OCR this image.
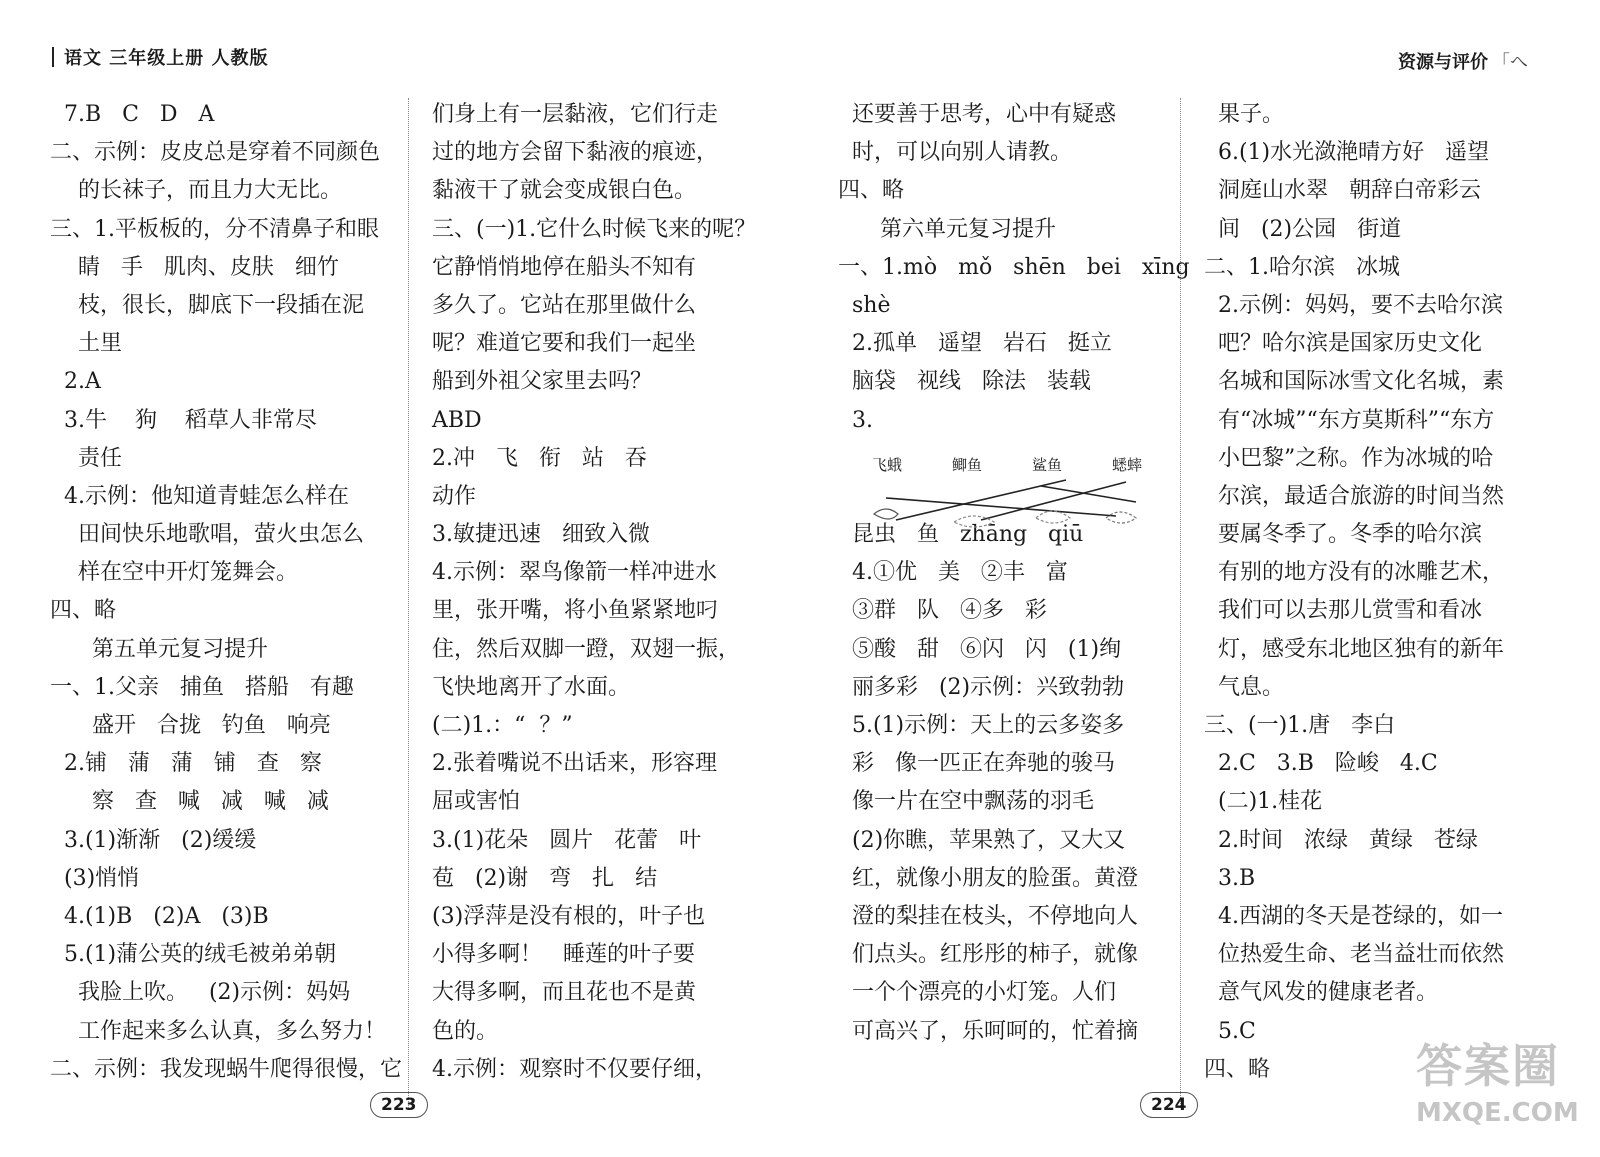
语文 三年级上册 人教版	资源与评价 「へ
7.B   C   D   A
二、示例：皮皮总是穿着不同颜色
的长袜子，而且力大无比。
三、1.平板板的，分不清鼻子和眼
睛   手   肌肉、皮肤   细竹
枝，很长，脚底下一段插在泥
土里
2.A
3.牛    狗    稻草人非常尽
责任
4.示例：他知道青蛙怎么样在
田间快乐地歌唱，萤火虫怎么
样在空中开灯笼舞会。
四、略
第五单元复习提升
一、1.父亲   捕鱼   搭船   有趣
盛开   合拢   钓鱼   响亮
2.铺   蒲   蒲   铺   查   察
察   查   喊   减   喊   减
3.(1)渐渐   (2)缓缓
(3)悄悄
4.(1)B   (2)A   (3)B
5.(1)蒲公英的绒毛被弟弟朝
我脸上吹。   (2)示例：妈妈
工作起来多么认真，多么努力！
二、示例：我发现蜗牛爬得很慢，它
们身上有一层黏液，它们行走
过的地方会留下黏液的痕迹，
黏液干了就会变成银白色。
三、(一)1.它什么时候飞来的呢？
它静悄悄地停在船头不知有
多久了。它站在那里做什么
呢？难道它要和我们一起坐
船到外祖父家里去吗？
ABD
2.冲   飞   衔   站   吞
动作
3.敏捷迅速   细致入微
4.示例：翠鸟像箭一样冲进水
里，张开嘴，将小鱼紧紧地叼
住，然后双脚一蹬，双翅一振，
飞快地离开了水面。
(二)1.：“  ？”
2.张着嘴说不出话来，形容理
屈或害怕
3.(1)花朵   圆片   花蕾   叶
苞   (2)谢   弯   扎   结
(3)浮萍是没有根的，叶子也
小得多啊！   睡莲的叶子要
大得多啊，而且花也不是黄
色的。
4.示例：观察时不仅要仔细，
还要善于思考，心中有疑惑
时，可以向别人请教。
四、略
第六单元复习提升
一、1.mò   mǒ   shēn   bei   xīng
shè
2.孤单   遥望   岩石   挺立
脑袋   视线   除法   装载
3.
昆虫   鱼   zhāng   qiū
4.①优   美   ②丰   富
③群   队   ④多   彩
⑤酸   甜   ⑥闪   闪   (1)绚
丽多彩   (2)示例：兴致勃勃
5.(1)示例：天上的云多姿多
彩   像一匹正在奔驰的骏马
像一片在空中飘荡的羽毛
(2)你瞧，苹果熟了，又大又
红，就像小朋友的脸蛋。黄澄
澄的梨挂在枝头，不停地向人
们点头。红彤彤的柿子，就像
一个个漂亮的小灯笼。人们
可高兴了，乐呵呵的，忙着摘
果子。
6.(1)水光潋滟晴方好   遥望
洞庭山水翠   朝辞白帝彩云
间   (2)公园   街道
二、1.哈尔滨   冰城
2.示例：妈妈，要不去哈尔滨
吧？哈尔滨是国家历史文化
名城和国际冰雪文化名城，素
有“冰城”“东方莫斯科”“东方
小巴黎”之称。作为冰城的哈
尔滨，最适合旅游的时间当然
要属冬季了。冬季的哈尔滨
有别的地方没有的冰雕艺术，
我们可以去那儿赏雪和看冰
灯，感受东北地区独有的新年
气息。
三、(一)1.唐   李白
2.C   3.B   险峻   4.C
(二)1.桂花
2.时间   浓绿   黄绿   苍绿
3.B
4.西湖的冬天是苍绿的，如一
位热爱生命、老当益壮而依然
意气风发的健康老者。
5.C
四、略
飞蛾	鲫鱼	鲨鱼	蟋蟀
223	224
答案圈
MXQE.COM
